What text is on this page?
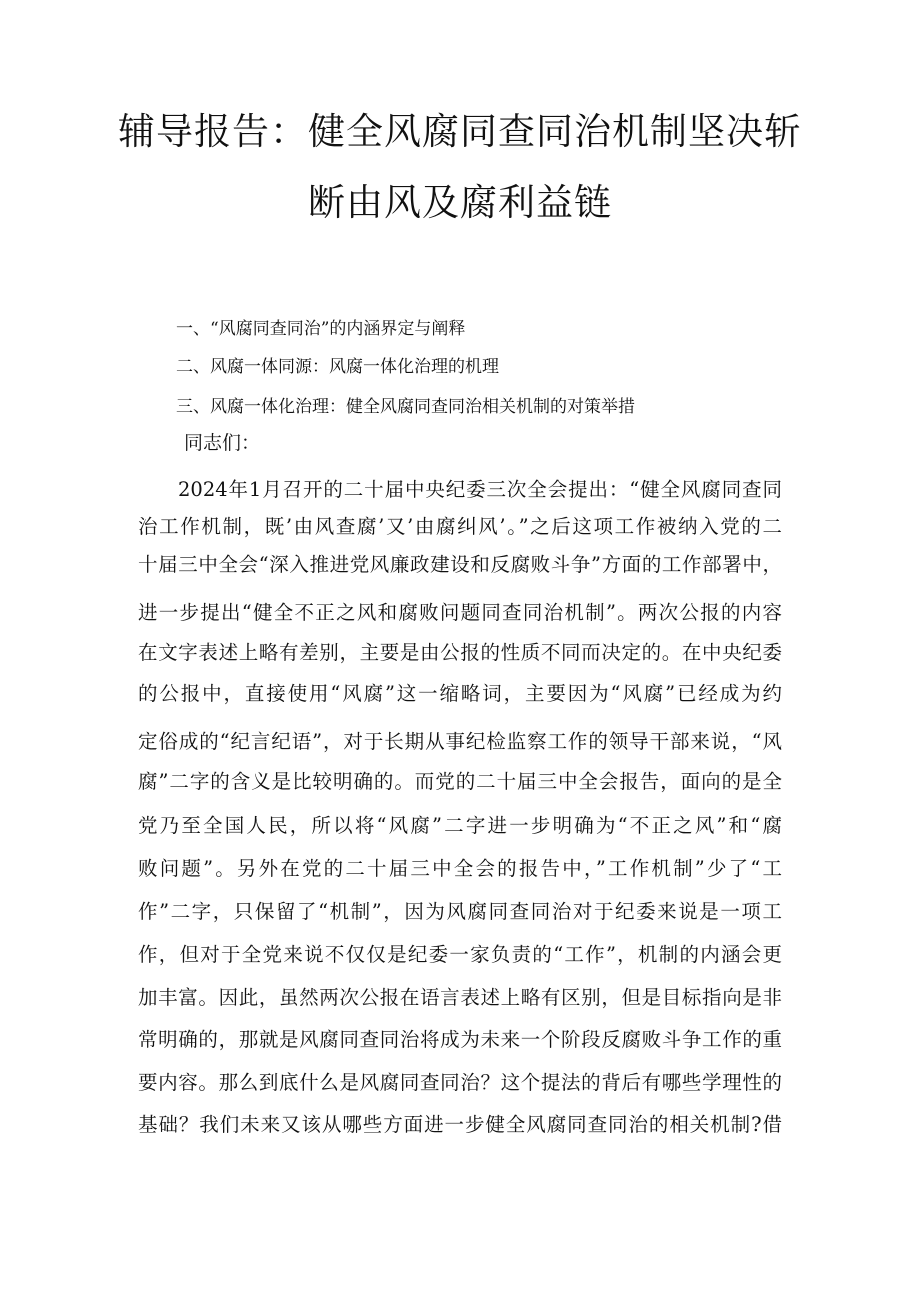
辅导报告：健全风腐同查同治机制坚决斩
断由风及腐利益链
一、“风腐同查同治”的内涵界定与阐释
二、风腐一体同源：风腐一体化治理的机理
三、风腐一体化治理：健全风腐同查同治相关机制的对策举措
同志们：
2024年1月召开的二十届中央纪委三次全会提出：“健全风腐同查同
治工作机制，既’由风查腐’又’由腐纠风’。”之后这项工作被纳入党的二
十届三中全会“深入推进党风廉政建设和反腐败斗争”方面的工作部署中，
进一步提出“健全不正之风和腐败问题同查同治机制”。两次公报的内容
在文字表述上略有差别，主要是由公报的性质不同而决定的。在中央纪委
的公报中，直接使用“风腐”这一缩略词，主要因为“风腐”已经成为约
定俗成的“纪言纪语”，对于长期从事纪检监察工作的领导干部来说，“风
腐”二字的含义是比较明确的。而党的二十届三中全会报告，面向的是全
党乃至全国人民，所以将“风腐”二字进一步明确为“不正之风”和“腐
败问题”。另外在党的二十届三中全会的报告中，”工作机制”少了“工
作”二字，只保留了“机制”，因为风腐同查同治对于纪委来说是一项工
作，但对于全党来说不仅仅是纪委一家负责的“工作”，机制的内涵会更
加丰富。因此，虽然两次公报在语言表述上略有区别，但是目标指向是非
常明确的，那就是风腐同查同治将成为未来一个阶段反腐败斗争工作的重
要内容。那么到底什么是风腐同查同治？这个提法的背后有哪些学理性的
基础？我们未来又该从哪些方面进一步健全风腐同查同治的相关机制?借
